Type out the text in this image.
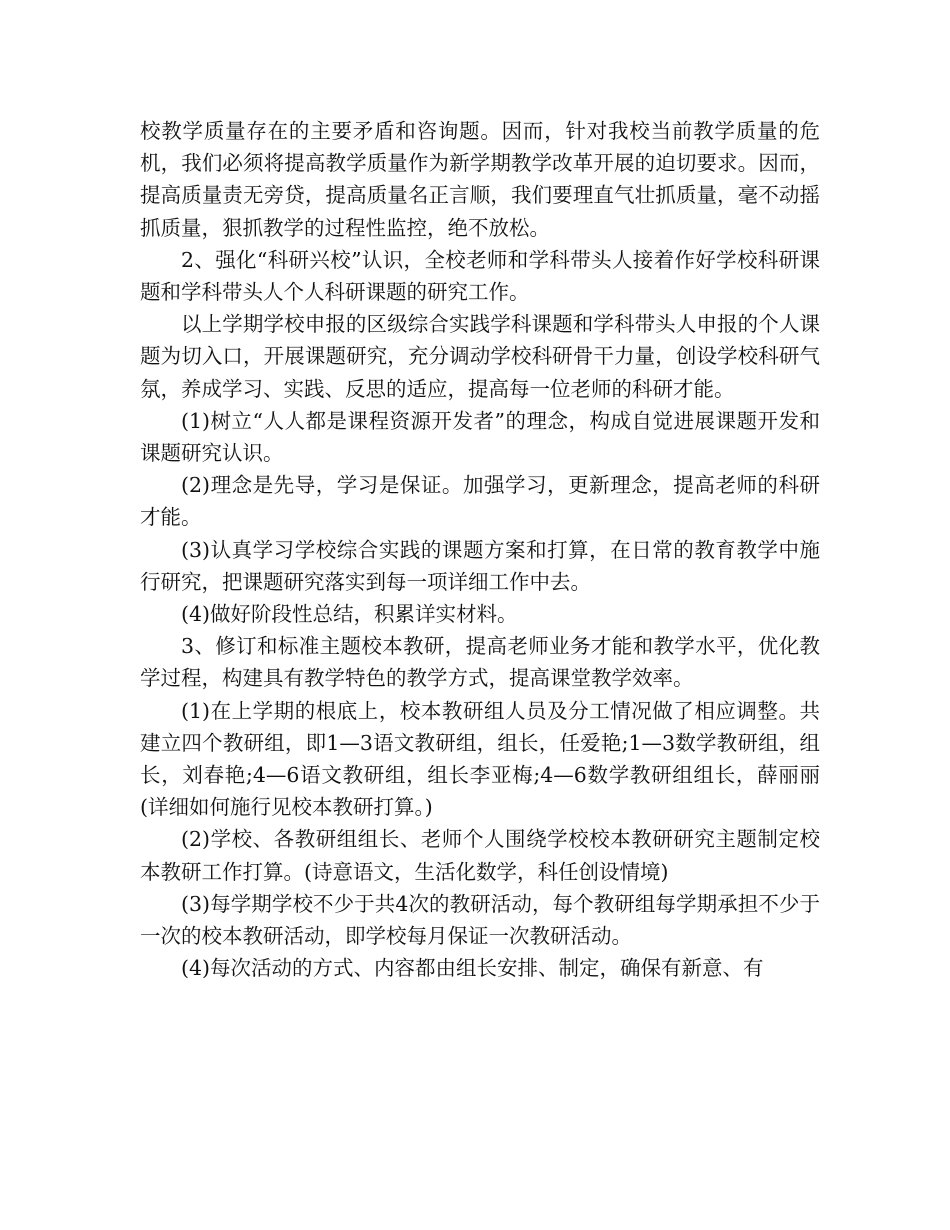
校教学质量存在的主要矛盾和咨询题。因而，针对我校当前教学质量的危机，我们必须将提高教学质量作为新学期教学改革开展的迫切要求。因而，提高质量责无旁贷，提高质量名正言顺，我们要理直气壮抓质量，毫不动摇抓质量，狠抓教学的过程性监控，绝不放松。

2、强化“科研兴校”认识，全校老师和学科带头人接着作好学校科研课题和学科带头人个人科研课题的研究工作。

以上学期学校申报的区级综合实践学科课题和学科带头人申报的个人课题为切入口，开展课题研究，充分调动学校科研骨干力量，创设学校科研气氛，养成学习、实践、反思的适应，提高每一位老师的科研才能。

(1)树立“人人都是课程资源开发者”的理念，构成自觉进展课题开发和课题研究认识。

(2)理念是先导，学习是保证。加强学习，更新理念，提高老师的科研才能。

(3)认真学习学校综合实践的课题方案和打算，在日常的教育教学中施行研究，把课题研究落实到每一项详细工作中去。

(4)做好阶段性总结，积累详实材料。

3、修订和标准主题校本教研，提高老师业务才能和教学水平，优化教学过程，构建具有教学特色的教学方式，提高课堂教学效率。

(1)在上学期的根底上，校本教研组人员及分工情况做了相应调整。共建立四个教研组，即1—3语文教研组，组长，任爱艳;1—3数学教研组，组长，刘春艳;4—6语文教研组，组长李亚梅;4—6数学教研组组长，薛丽丽(详细如何施行见校本教研打算。)

(2)学校、各教研组组长、老师个人围绕学校校本教研研究主题制定校本教研工作打算。(诗意语文，生活化数学，科任创设情境)

(3)每学期学校不少于共4次的教研活动，每个教研组每学期承担不少于一次的校本教研活动，即学校每月保证一次教研活动。

(4)每次活动的方式、内容都由组长安排、制定，确保有新意、有
